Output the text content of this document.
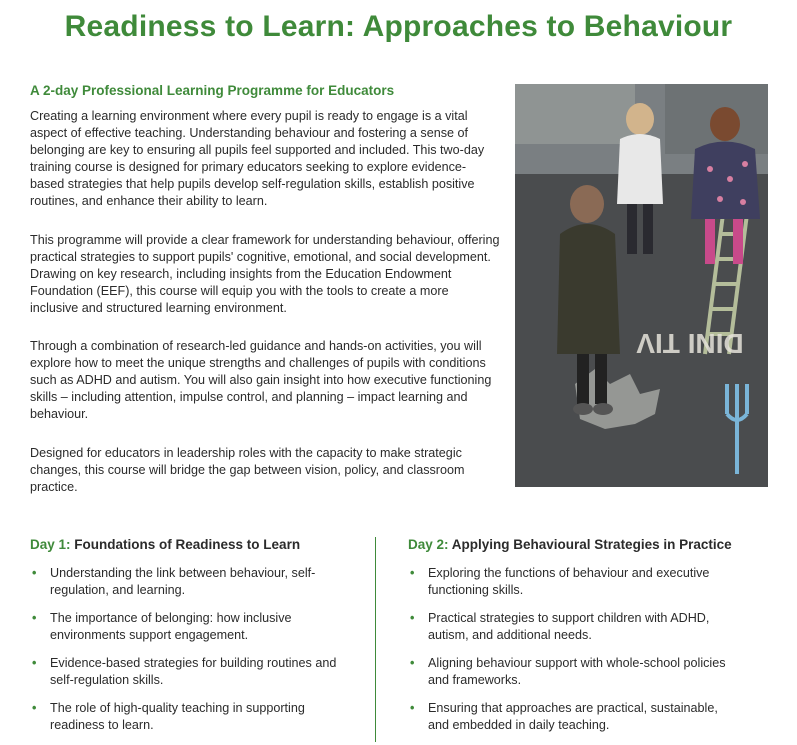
Readiness to Learn: Approaches to Behaviour
A 2-day Professional Learning Programme for Educators

Creating a learning environment where every pupil is ready to engage is a vital aspect of effective teaching. Understanding behaviour and fostering a sense of belonging are key to ensuring all pupils feel supported and included. This two-day training course is designed for primary educators seeking to explore evidence-based strategies that help pupils develop self-regulation skills, establish positive routines, and enhance their ability to learn.

This programme will provide a clear framework for understanding behaviour, offering practical strategies to support pupils' cognitive, emotional, and social development. Drawing on key research, including insights from the Education Endowment Foundation (EEF), this course will equip you with the tools to create a more inclusive and structured learning environment.

Through a combination of research-led guidance and hands-on activities, you will explore how to meet the unique strengths and challenges of pupils with conditions such as ADHD and autism. You will also gain insight into how executive functioning skills – including attention, impulse control, and planning – impact learning and behaviour.

Designed for educators in leadership roles with the capacity to make strategic changes, this course will bridge the gap between vision, policy, and classroom practice.

DINI TIV
Day 1: Foundations of Readiness to Learn
• Understanding the link between behaviour, self-regulation, and learning.
• The importance of belonging: how inclusive environments support engagement.
• Evidence-based strategies for building routines and self-regulation skills.
• The role of high-quality teaching in supporting readiness to learn.
Day 2: Applying Behavioural Strategies in Practice
• Exploring the functions of behaviour and executive functioning skills.
• Practical strategies to support children with ADHD, autism, and additional needs.
• Aligning behaviour support with whole-school policies and frameworks.
• Ensuring that approaches are practical, sustainable, and embedded in daily teaching.
